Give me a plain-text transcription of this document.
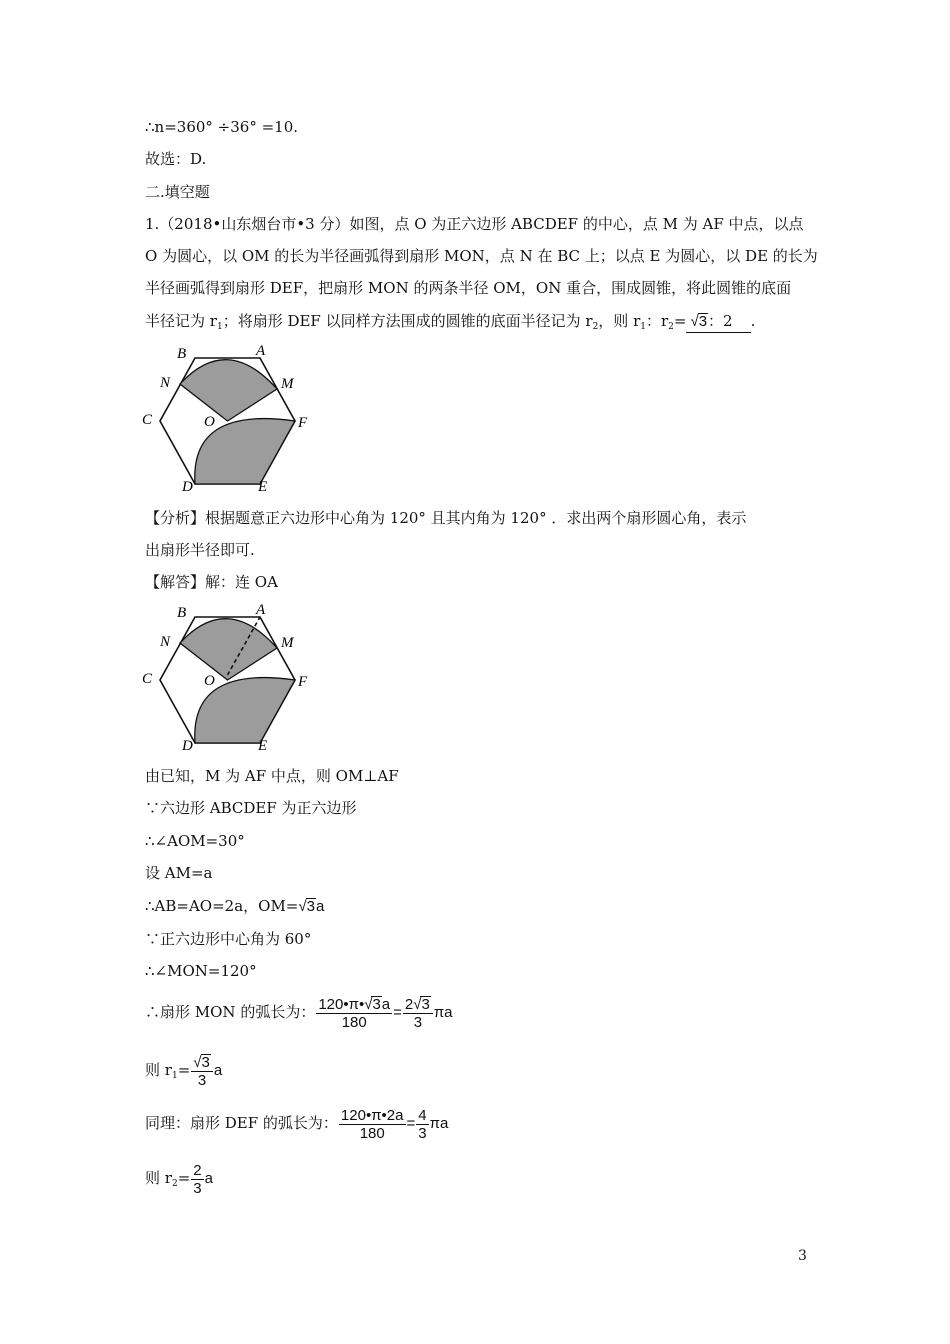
∴n=360° ÷36° =10.
故选：D.
二.填空题
1.（2018•山东烟台市•3 分）如图，点 O 为正六边形 ABCDEF 的中心，点 M 为 AF 中点，以点
O 为圆心，以 OM 的长为半径画弧得到扇形 MON，点 N 在 BC 上；以点 E 为圆心，以 DE 的长为
半径画弧得到扇形 DEF，把扇形 MON 的两条半径 OM，ON 重合，围成圆锥，将此圆锥的底面
半径记为 $r_1$；将扇形 DEF 以同样方法围成的圆锥的底面半径记为 $r_2$，则 $r_1$：$r_2= √3$：2 .
B	A
N	M
C	O	F
D	E
【分析】根据题意正六边形中心角为 120° 且其内角为 120° ．求出两个扇形圆心角，表示
出扇形半径即可.
【解答】解：连 OA
B	A
N	M
C	O	F
D	E
由已知，M 为 AF 中点，则 OM⊥AF
∵六边形 ABCDEF 为正六边形
∴∠AOM=30°
设 AM=a
∴AB=AO=2a，OM=√3a
∵正六边形中心角为 60°
∴∠MON=120°
∴扇形 MON 的弧长为： $\frac{120•\pi•√3a}{180} = \frac{2√3}{3}$ πa
则 $r_1= \frac{√3}{3}$ a
同理：扇形 DEF 的弧长为： $\frac{120•\pi•2a}{180} = \frac{4}{3}$ πa
则 $r_2= \frac{2}{3}$ a
3
